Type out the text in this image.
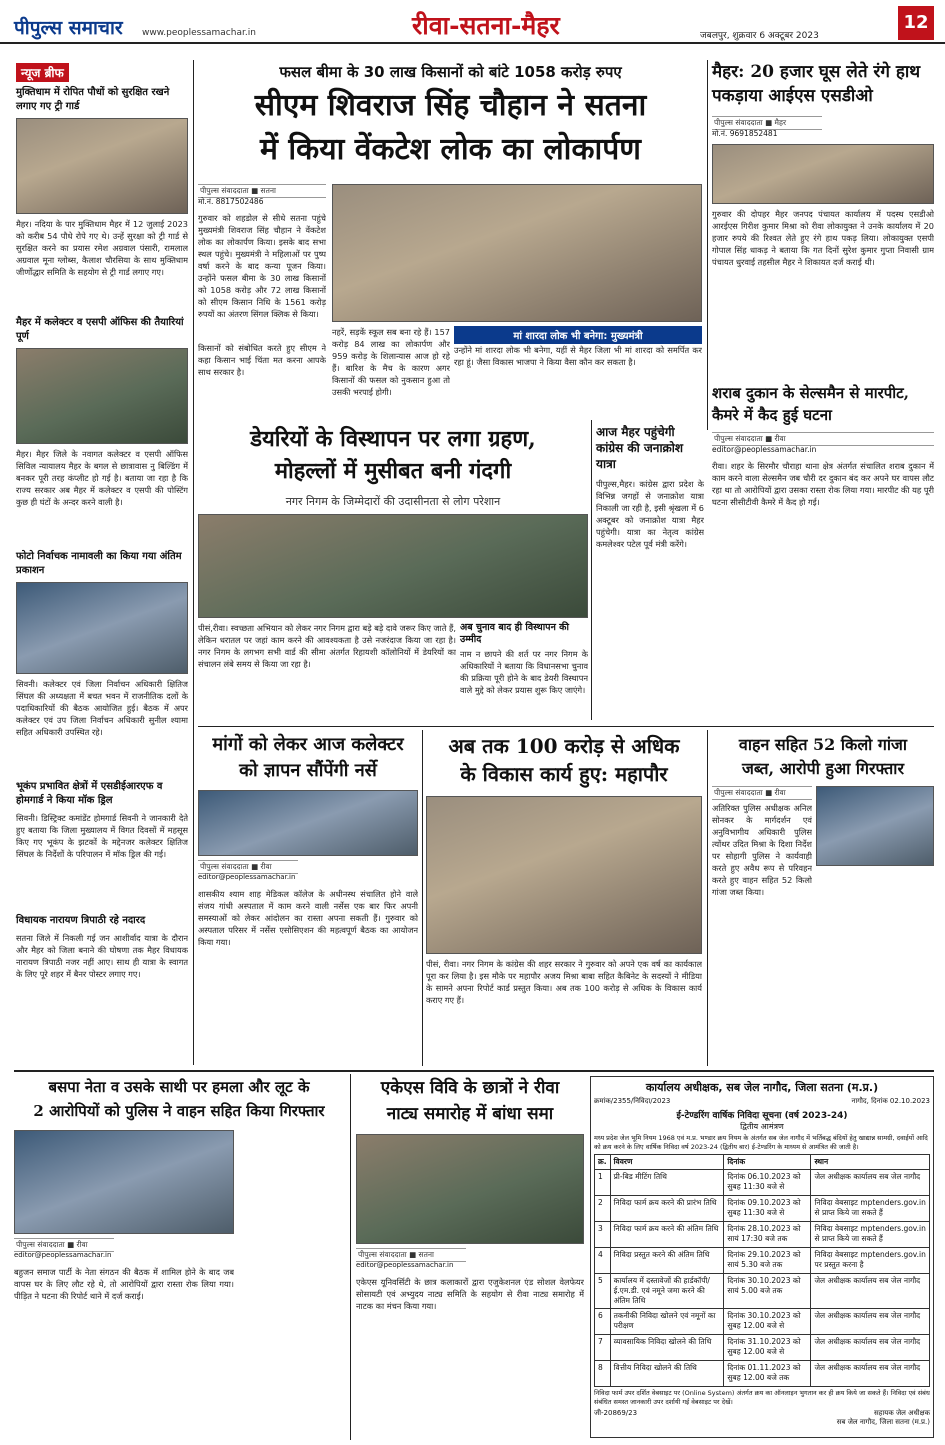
पीपुल्स समाचार www.peoplessamachar.in	रीवा-सतना-मैहर	जबलपुर, शुक्रवार 6 अक्टूबर 2023
12
न्यूज ब्रीफ
मुक्तिधाम में रोपित पौधों को सुरक्षित रखने लगाए गए ट्री गार्ड
मैहर। नदिया के पार मुक्तिधाम मैहर में 12 जुलाई 2023 को करीब 54 पौधे रोपे गए थे। उन्हें सुरक्षा को ट्री गार्ड से सुरक्षित करने का प्रयास रमेश अग्रवाल पंसारी, रामलाल अग्रवाल मूना ग्लोब्स, कैलाश चौरसिया के साथ मुक्तिधाम जीर्णोद्धार समिति के सहयोग से ट्री गार्ड लगाए गए।
मैहर में कलेक्टर व एसपी ऑफिस की तैयारियां पूर्ण
मैहर। मैहर जिले के नवागत कलेक्टर व एसपी ऑफिस सिविल न्यायालय मैहर के बगल से छात्रावास नु बिल्डिंग में बनकर पूरी तरह कंप्लीट हो गई है। बताया जा रहा है कि राज्य सरकार अब मैहर में कलेक्टर व एसपी की पोस्टिंग कुछ ही घंटों के अन्दर करने वाली है।
फोटो निर्वाचक नामावली का किया गया अंतिम प्रकाशन
सिवनी। कलेक्टर एवं जिला निर्वाचन अधिकारी क्षितिज सिंघल की अध्यक्षता में बचत भवन में राजनीतिक दलों के पदाधिकारियों की बैठक आयोजित हुई। बैठक में अपर कलेक्टर एवं उप जिला निर्वाचन अधिकारी सुनील श्यामा सहित अधिकारी उपस्थित रहे।
भूकंप प्रभावित क्षेत्रों में एसडीईआरएफ व होमगार्ड ने किया मॉक ड्रिल
सिवनी। डिस्ट्रिक्ट कमांडेंट होमगार्ड सिवनी ने जानकारी देते हुए बताया कि जिला मुख्यालय में विगत दिवसों में महसूस किए गए भूकंप के झटकों के मद्देनजर कलेक्टर क्षितिज सिंघल के निर्देशों के परिपालन में मॉक ड्रिल की गई।
विधायक नारायण त्रिपाठी रहे नदारद
सतना जिले में निकली गई जन आशीर्वाद यात्रा के दौरान और मैहर को जिला बनाने की घोषणा तक मैहर विधायक नारायण त्रिपाठी नजर नहीं आए। साथ ही यात्रा के स्वागत के लिए पूरे शहर में बैनर पोस्टर लगाए गए।
फसल बीमा के 30 लाख किसानों को बांटे 1058 करोड़ रुपए
सीएम शिवराज सिंह चौहान ने सतना
में किया वेंकटेश लोक का लोकार्पण
पीपुल्स संवाददाता ■ सतना
मो.नं. 8817502486
गुरुवार को शहडोल से सीधे सतना पहुंचे मुख्यमंत्री शिवराज सिंह चौहान ने वेंकटेश लोक का लोकार्पण किया। इसके बाद सभा स्थल पहुंचे। मुख्यमंत्री ने महिलाओं पर पुष्प वर्षा करने के बाद कन्या पूजन किया। उन्होंने फसल बीमा के 30 लाख किसानों को 1058 करोड़ और 72 लाख किसानों को सीएम किसान निधि के 1561 करोड़ रुपयों का अंतरण सिंगल क्लिक से किया।
किसानों को संबोधित करते हुए सीएम ने कहा किसान भाई चिंता मत करना आपके साथ सरकार है।
नहरें, सड़कें स्कूल सब बना रहे हैं। 157 करोड़ 84 लाख का लोकार्पण और 959 करोड़ के शिलान्यास आज हो रहे हैं। बारिश के मैच के कारण अगर किसानों की फसल को नुकसान हुआ तो उसकी भरपाई होगी।
मां शारदा लोक भी बनेगा: मुख्यमंत्री
उन्होंने मां शारदा लोक भी बनेगा, यहीं से मैहर जिला भी मां शारदा को समर्पित कर रहा हूं। जैसा विकास भाजपा ने किया वैसा कौन कर सकता है।
मैहर: 20 हजार घूस लेते रंगे हाथ पकड़ाया आईएस एसडीओ
पीपुल्स संवाददाता ■ मैहर
मो.नं. 9691852481
गुरुवार की दोपहर मैहर जनपद पंचायत कार्यालय में पदस्थ एसडीओ आरईएस गिरीश कुमार मिश्रा को रीवा लोकायुक्त ने उनके कार्यालय में 20 हजार रुपये की रिश्वत लेते हुए रंगे हाथ पकड़ लिया। लोकायुक्त एसपी गोपाल सिंह धाकड़ ने बताया कि गत दिनों सुरेश कुमार गुप्ता निवासी ग्राम पंचायत धुरवाई तहसील मैहर ने शिकायत दर्ज कराई थी।
शराब दुकान के सेल्समैन से मारपीट, कैमरे में कैद हुई घटना
पीपुल्स संवाददाता ■ रीवा
editor@peoplessamachar.in
रीवा। शहर के सिरमौर चौराहा थाना क्षेत्र अंतर्गत संचालित शराब दुकान में काम करने वाला सेल्समैन जब चौरी दर दुकान बंद कर अपने घर वापस लौट रहा था तो आरोपियों द्वारा उसका रास्ता रोक लिया गया। मारपीट की यह पूरी घटना सीसीटीवी कैमरे में कैद हो गई।
आज मैहर पहुंचेगी कांग्रेस की जनाक्रोश यात्रा
पीपुल्स,मैहर। कांग्रेस द्वारा प्रदेश के विभिन्न जगहों से जनाक्रोश यात्रा निकाली जा रही है, इसी श्रृंखला में 6 अक्टूबर को जनाक्रोश यात्रा मैहर पहुंचेगी। यात्रा का नेतृत्व कांग्रेस कमलेश्वर पटेल पूर्व मंत्री करेंगे।
डेयरियों के विस्थापन पर लगा ग्रहण,
मोहल्लों में मुसीबत बनी गंदगी
नगर निगम के जिम्मेदारों की उदासीनता से लोग परेशान
पीसं,रीवा। स्वच्छता अभियान को लेकर नगर निगम द्वारा बड़े बड़े दावे जरूर किए जाते हैं, लेकिन धरातल पर जहां काम करने की आवश्यकता है उसे नजरंदाज किया जा रहा है। नगर निगम के लगभग सभी वार्ड की सीमा अंतर्गत रिहायशी कॉलोनियों में डेयरियों का संचालन लंबे समय से किया जा रहा है।
अब चुनाव बाद ही विस्थापन की उम्मीद
नाम न छापने की शर्त पर नगर निगम के अधिकारियों ने बताया कि विधानसभा चुनाव की प्रक्रिया पूरी होने के बाद डेयरी विस्थापन वाले मुद्दे को लेकर प्रयास शुरू किए जाएंगे।
मांगों को लेकर आज कलेक्टर
को ज्ञापन सौंपेंगी नर्से
पीपुल्स संवाददाता ■ रीवा
editor@peoplessamachar.in
शासकीय श्याम शाह मेडिकल कॉलेज के अधीनस्थ संचालित होने वाले संजय गांधी अस्पताल में काम करने वाली नर्सेस एक बार फिर अपनी समस्याओं को लेकर आंदोलन का रास्ता अपना सकती हैं। गुरुवार को अस्पताल परिसर में नर्सेस एसोसिएशन की महत्वपूर्ण बैठक का आयोजन किया गया।
अब तक 100 करोड़ से अधिक
के विकास कार्य हुए: महापौर
पीसं, रीवा। नगर निगम के कांग्रेस की शहर सरकार ने गुरुवार को अपने एक वर्ष का कार्यकाल पूरा कर लिया है। इस मौके पर महापौर अजय मिश्रा बाबा सहित कैबिनेट के सदस्यों ने मीडिया के सामने अपना रिपोर्ट कार्ड प्रस्तुत किया। अब तक 100 करोड़ से अधिक के विकास कार्य कराए गए हैं।
वाहन सहित 52 किलो गांजा
जब्त, आरोपी हुआ गिरफ्तार
पीपुल्स संवाददाता ■ रीवा
अतिरिक्त पुलिस अधीक्षक अनिल सोनकर के मार्गदर्शन एवं अनुविभागीय अधिकारी पुलिस त्योंथर उदित मिश्रा के दिशा निर्देश पर सोहागी पुलिस ने कार्यवाही करते हुए अवैध रूप से परिवहन करते हुए वाहन सहित 52 किलो गांजा जब्त किया।
बसपा नेता व उसके साथी पर हमला और लूट के
2 आरोपियों को पुलिस ने वाहन सहित किया गिरफ्तार
पीपुल्स संवाददाता ■ रीवा
editor@peoplessamachar.in
बहुजन समाज पार्टी के नेता संगठन की बैठक में शामिल होने के बाद जब वापस घर के लिए लौट रहे थे, तो आरोपियों द्वारा रास्ता रोक लिया गया। पीड़ित ने घटना की रिपोर्ट थाने में दर्ज कराई।
एकेएस विवि के छात्रों ने रीवा
नाट्य समारोह में बांधा समा
पीपुल्स संवाददाता ■ सतना
editor@peoplessamachar.in
एकेएस यूनिवर्सिटी के छात्र कलाकारों द्वारा एजुकेशनल एंड सोशल वेलफेयर सोसायटी एवं अभ्युदय नाट्य समिति के सहयोग से रीवा नाट्य समारोह में नाटक का मंचन किया गया।
कार्यालय अधीक्षक, सब जेल नागौद, जिला सतना (म.प्र.)
क्रमांक/2355/निविदा/2023	नागौद, दिनांक 02.10.2023
ई-टेण्डरिंग वार्षिक निविदा सूचना (वर्ष 2023-24)
द्वितीय आमंत्रण
मध्य प्रदेश जेल भूमि नियम 1968 एवं म.प्र. भण्डार क्रय नियम के अंतर्गत सब जेल नागौद में भर्तिबद्ध बंदियों हेतु खाद्यान्न सामग्री, दवाईयों आदि को क्रय करने के लिए वार्षिक निविदा वर्ष 2023-24 (द्वितीय बार) ई-टेण्डरिंग के माध्यम से आमंत्रित की जाती है।
क्र.	विवरण	दिनांक	स्थान
1	प्री-बिड मीटिंग तिथि	दिनांक 06.10.2023 को सुबह 11:30 बजे से	जेल अधीक्षक कार्यालय सब जेल नागौद
2	निविदा फार्म क्रय करने की प्रारंभ तिथि	दिनांक 09.10.2023 को सुबह 11:30 बजे से	निविदा वेबसाइट mptenders.gov.in से प्राप्त किये जा सकते हैं
3	निविदा फार्म क्रय करने की अंतिम तिथि	दिनांक 28.10.2023 को सायं 17:30 बजे तक	निविदा वेबसाइट mptenders.gov.in से प्राप्त किये जा सकते हैं
4	निविदा प्रस्तुत करने की अंतिम तिथि	दिनांक 29.10.2023 को सायं 5.30 बजे तक	निविदा वेबसाइट mptenders.gov.in पर प्रस्तुत करना है
5	कार्यालय में दस्तावेजों की हार्डकॉपी/ई.एम.डी. एवं नमूने जमा करने की अंतिम तिथि	दिनांक 30.10.2023 को सायं 5.00 बजे तक	जेल अधीक्षक कार्यालय सब जेल नागौद
6	तकनीकी निविदा खोलने एवं नमूनों का परीक्षण	दिनांक 30.10.2023 को सुबह 12.00 बजे से	जेल अधीक्षक कार्यालय सब जेल नागौद
7	व्यावसायिक निविदा खोलने की तिथि	दिनांक 31.10.2023 को सुबह 12.00 बजे से	जेल अधीक्षक कार्यालय सब जेल नागौद
8	वित्तीय निविदा खोलने की तिथि	दिनांक 01.11.2023 को सुबह 12.00 बजे तक	जेल अधीक्षक कार्यालय सब जेल नागौद
निविदा फार्म उपर दर्शित वेबसाइट पर (Online System) अंतर्गत क्रय का ऑनलाइन भुगतान कर ही क्रय किये जा सकते हैं। निविदा एवं संबंध संबंधित समस्त जानकारी उपर दर्शायी गई वेबसाइट पर देखें।
जी-20869/23	सहायक जेल अधीक्षक
सब जेल नागौद, जिला सतना (म.प्र.)
